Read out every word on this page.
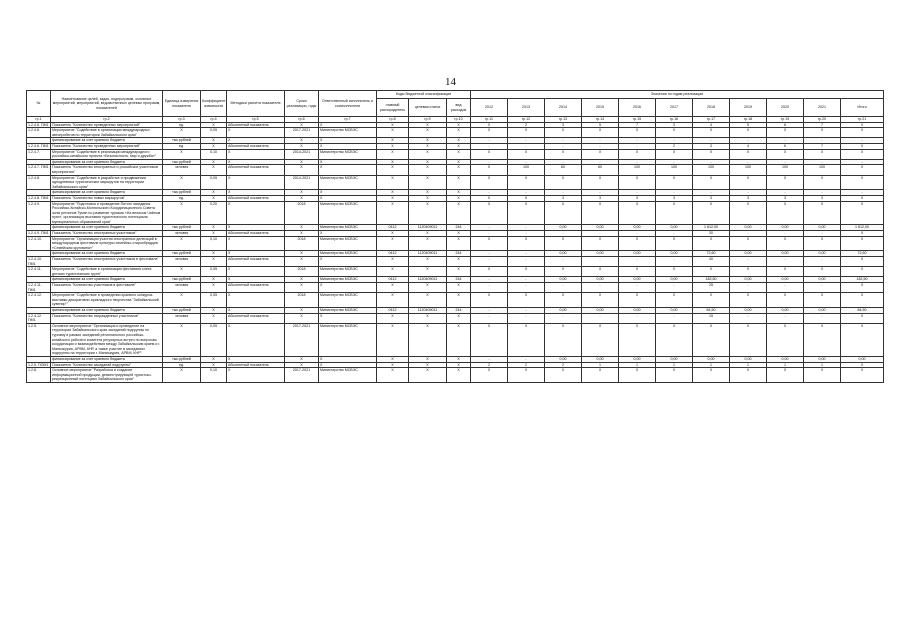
14
№	Наименование целей, задач, подпрограмм, основных мероприятий, мероприятий, ведомственных целевых программ, показателей	Единица измерения показателя	Коэффициент значимости	Методика расчета показателя	Сроки реализации, годы	Ответственный исполнитель и соисполнители	Коды бюджетной классификации			Значения по годам реализации										
							главный распорядитель	целевая статья	вид расходов	2012	2013	2014	2015	2016	2017	2018	2019	2020	2021	Итого
гр.1	гр.2	гр.3	гр.4	гр.5	гр.6	гр.7	гр.8	гр.9	гр.10	гр.11	гр.12	гр.13	гр.14	гр.15	гр.16	гр.17	гр.18	гр.19	гр.20	гр.21
1.2.4.6. ПМ1	Показатель "Количество проведенных мероприятий"	ед.	X	Абсолютный показатель	X	X	X	X	X	0	2	3	5	7	3	4	5	6	7	X
1.2.4.6.	Мероприятие "Содействие в организации международных автопробегов по территории Забайкальского края"	X	0,05	X	2017-2021	Министерство МСВЭС	X	X	X	X	X	X	X	X	X	X	X	X	X	X
	финансирование за счет краевого бюджета	тыс.рублей	X	X	X	X	X	X	X	-	-	-	-	-	-	-	-	-	-	-
1.2.4.6. ПМ1	Показатель "Количество проведенных мероприятий"	ед.	X	Абсолютный показатель	X	X	X	X	X	-	-	-	-	-	2	3	4	6	7	X
1.2.4.7.	Мероприятие "Содействие в реализации международного российско-китайского проекта «Безопасность, мир и дружба»"	X	0,10	X	2014-2021	Министерство МСВЭС	X	X	X	X	X	X	X	X	X	X	X	X	X	X
	финансирование за счет краевого бюджета	тыс.рублей	X	X	X	X	X	X	X	-	-	-	-	-	-	-	-	-	-	-
1.2.4.7. ПМ1	Показатель "Количество иностранных и российских участников мероприятия"	человек	X	Абсолютный показатель	X	X	X	X	X	0	100	60	60	100	100	100	100	100	100	X
1.2.4.8.	Мероприятие "Содействие в разработке и продвижении однодневных туристических маршрутов на территории Забайкальского края"	X	0,05	X	2014-2021	Министерство МСВЭС	X	X	X	X	X	X	X	X	X	X	X	X	X	X
	финансирование за счет краевого бюджета	тыс.рублей	X	X	X	X	X	X	X	-	-	-	-	-	-	-	-	-	-	-
1.2.4.8. ПМ1	Показатель "Количество новых маршрутов"	ед.	X	Абсолютный показатель	X	X	X	X	X	0	0	3	3	3	3	3	3	3	3	X
1.2.4.9.	Мероприятие "Подготовка и проведение Пятого заседания Российско-Китайско-Монгольского Координационного Совета зоны регионов Тумэн по развитию туризма «На великом Чайном пути», организация выставки туристического потенциала муниципальных образований края"	X	0,20	X	2018	Министерство МСВЭС	X	X	X	X	X	X	X	X	X	X	X	X	X	X
	финансирование за счет краевого бюджета	тыс.рублей	X	X	X	Министерство МСВЭС	0412	1120409011	244	-	-	0,00	0,00	0,00	0,00	1 612,00	0,00	0,00	0,00	1 612,00
1.2.4.9. ПМ1	Показатель "Количество иностранных участников"	человек	X	Абсолютный показатель	X	X	X	X	X	-	-	-	-	-	-	30	-	-	-	X
1.2.4.10.	Мероприятие "Организация участия иностранных делегаций в международном фестивале культуры семейско-старообрядцев «Семейская круговина»"	X	0,10	X	2018	Министерство МСВЭС	X	X	X	X	X	X	X	X	X	X	X	X	X	X
	финансирование за счет краевого бюджета	тыс.рублей	X	X	X	Министерство МСВЭС	0412	1120409011	244	-	-	0,00	0,00	0,00	0,00	72,60	0,00	0,00	0,00	72,60
1.2.4.10. ПМ1	Показатель "Количество иностранных участников в фестивале"	человек	X	Абсолютный показатель	X	X	X	X	X	-	-	-	-	-	-	40	-	-	-	X
1.2.4.11.	Мероприятие "Содействие в организации фестиваля слета детских туристических групп"	X	0,05	X	2018	Министерство МСВЭС	X	X	X	X	X	X	X	X	X	X	X	X	X	X
	финансирование за счет краевого бюджета	тыс.рублей	X	X	X	Министерство МСВЭС	0412	1120409011	244	-	-	0,00	0,00	0,00	0,00	182,50	0,00	0,00	0,00	182,50
1.2.4.11. ПМ1	Показатель "Количество участников в фестивале"	человек	X	Абсолютный показатель	X	X	X	X	X	-	-	-	-	-	-	25	-	-	-	X
1.2.4.12.	Мероприятие "Содействие в проведении краевого конкурса-выставки декоративно-прикладного творчества "Забайкальский сувенир""	X	0,05	X	2018	Министерство МСВЭС	X	X	X	X	X	X	X	X	X	X	X	X	X	X
	финансирование за счет краевого бюджета	тыс.рублей	X	X	X	Министерство МСВЭС	0412	1120409011	244	-	-	0,00	0,00	0,00	0,00	84,50	0,00	0,00	0,00	84,50
1.2.4.12. ПМ1	Показатель "Количество награжденных участников"	человек	X	Абсолютный показатель	X	X	X	X	X	-	-	-	-	-	-	15	-	-	-	X
1.2.5.	Основное мероприятие "Организация и проведение на территории Забайкальского края заседаний подгруппы по туризму в рамках заседаний регионального российско-китайского рабочего комитета регулярных встреч по вопросам координации и взаимодействия между Забайкальским краем и г. Маньчжурия, АРВМ, КНР, а также участие в заседаниях подгруппы на территории г. Маньчжурия, АРВМ, КНР"	X	0,05	X	2017-2021	Министерство МСВЭС	X	X	X	X	X	X	X	X	X	X	X	X	X	X
	финансирование за счет краевого бюджета	тыс.рублей	X	X	X	X	X	X	X	-	-	0,00	0,00	0,00	0,00	0,00	0,00	0,00	0,00	0,00
1.2.5. ПОМ1	Показатель "Количество заседаний подгруппы"	ед.	X	Абсолютный показатель	X	X	X	X	X	2	2	2	1	1	1	1	1	1	1	X
1.2.6.	Основное мероприятие "Разработка и создание информационной продукции, демонстрирующей туристско-рекреационный потенциал Забайкальского края"	X	0,10	X	2017-2021	Министерство МСВЭС	X	X	X	X	X	X	X	X	X	X	X	X	X	X
